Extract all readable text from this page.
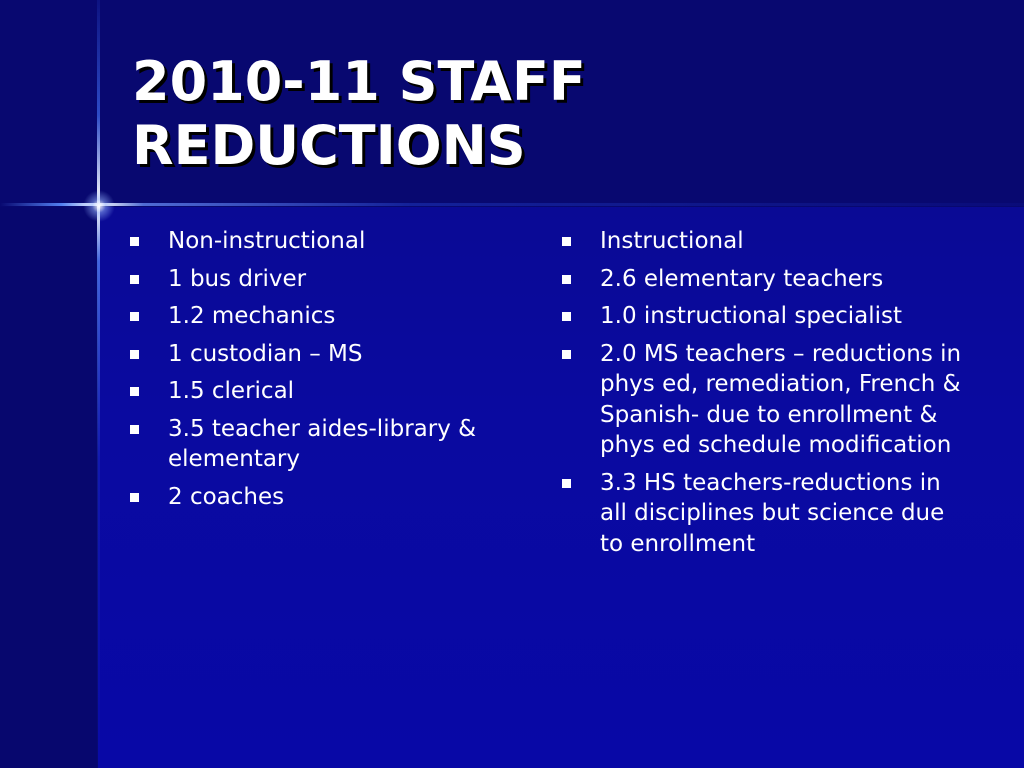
2010-11 STAFF REDUCTIONS
Non-instructional
1 bus driver
1.2 mechanics
1 custodian – MS
1.5 clerical
3.5 teacher aides-library & elementary
2 coaches
Instructional
2.6 elementary teachers
1.0 instructional specialist
2.0 MS teachers – reductions in phys ed, remediation, French & Spanish- due to enrollment & phys ed schedule modification
3.3 HS teachers-reductions in all disciplines but science due to enrollment
